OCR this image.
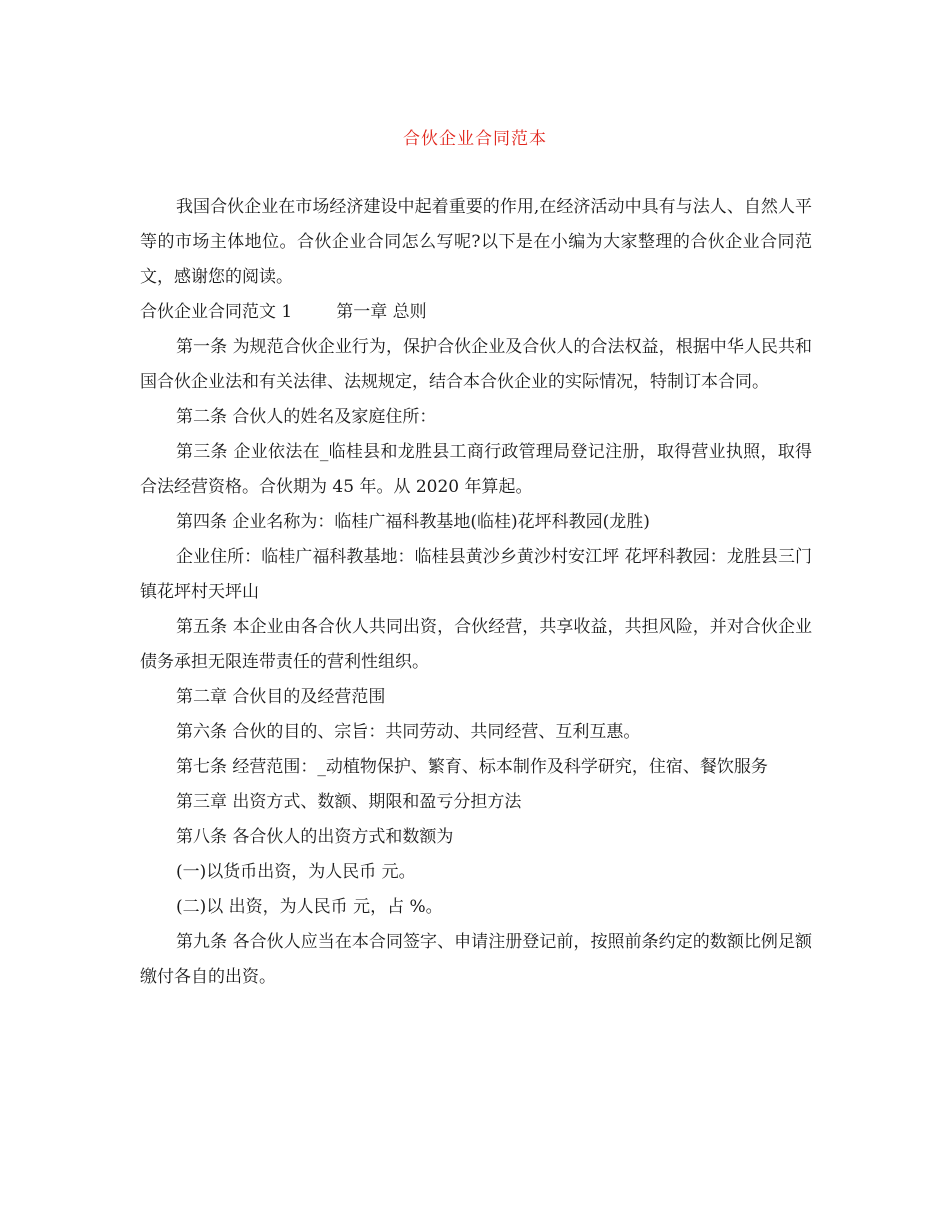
合伙企业合同范本

我国合伙企业在市场经济建设中起着重要的作用,在经济活动中具有与法人、自然人平等的市场主体地位。合伙企业合同怎么写呢?以下是在小编为大家整理的合伙企业合同范文，感谢您的阅读。

合伙企业合同范文 1	第一章 总则

第一条 为规范合伙企业行为，保护合伙企业及合伙人的合法权益，根据中华人民共和国合伙企业法和有关法律、法规规定，结合本合伙企业的实际情况，特制订本合同。

第二条 合伙人的姓名及家庭住所：

第三条 企业依法在_临桂县和龙胜县工商行政管理局登记注册，取得营业执照，取得合法经营资格。合伙期为 45 年。从 2020 年算起。

第四条 企业名称为：临桂广福科教基地(临桂)花坪科教园(龙胜)

企业住所：临桂广福科教基地：临桂县黄沙乡黄沙村安江坪 花坪科教园：龙胜县三门镇花坪村天坪山

第五条 本企业由各合伙人共同出资，合伙经营，共享收益，共担风险，并对合伙企业债务承担无限连带责任的营利性组织。

第二章 合伙目的及经营范围

第六条 合伙的目的、宗旨：共同劳动、共同经营、互利互惠。

第七条 经营范围：_动植物保护、繁育、标本制作及科学研究，住宿、餐饮服务

第三章 出资方式、数额、期限和盈亏分担方法

第八条 各合伙人的出资方式和数额为

(一)以货币出资，为人民币 元。

(二)以 出资，为人民币 元，占 %。

第九条 各合伙人应当在本合同签字、申请注册登记前，按照前条约定的数额比例足额缴付各自的出资。
